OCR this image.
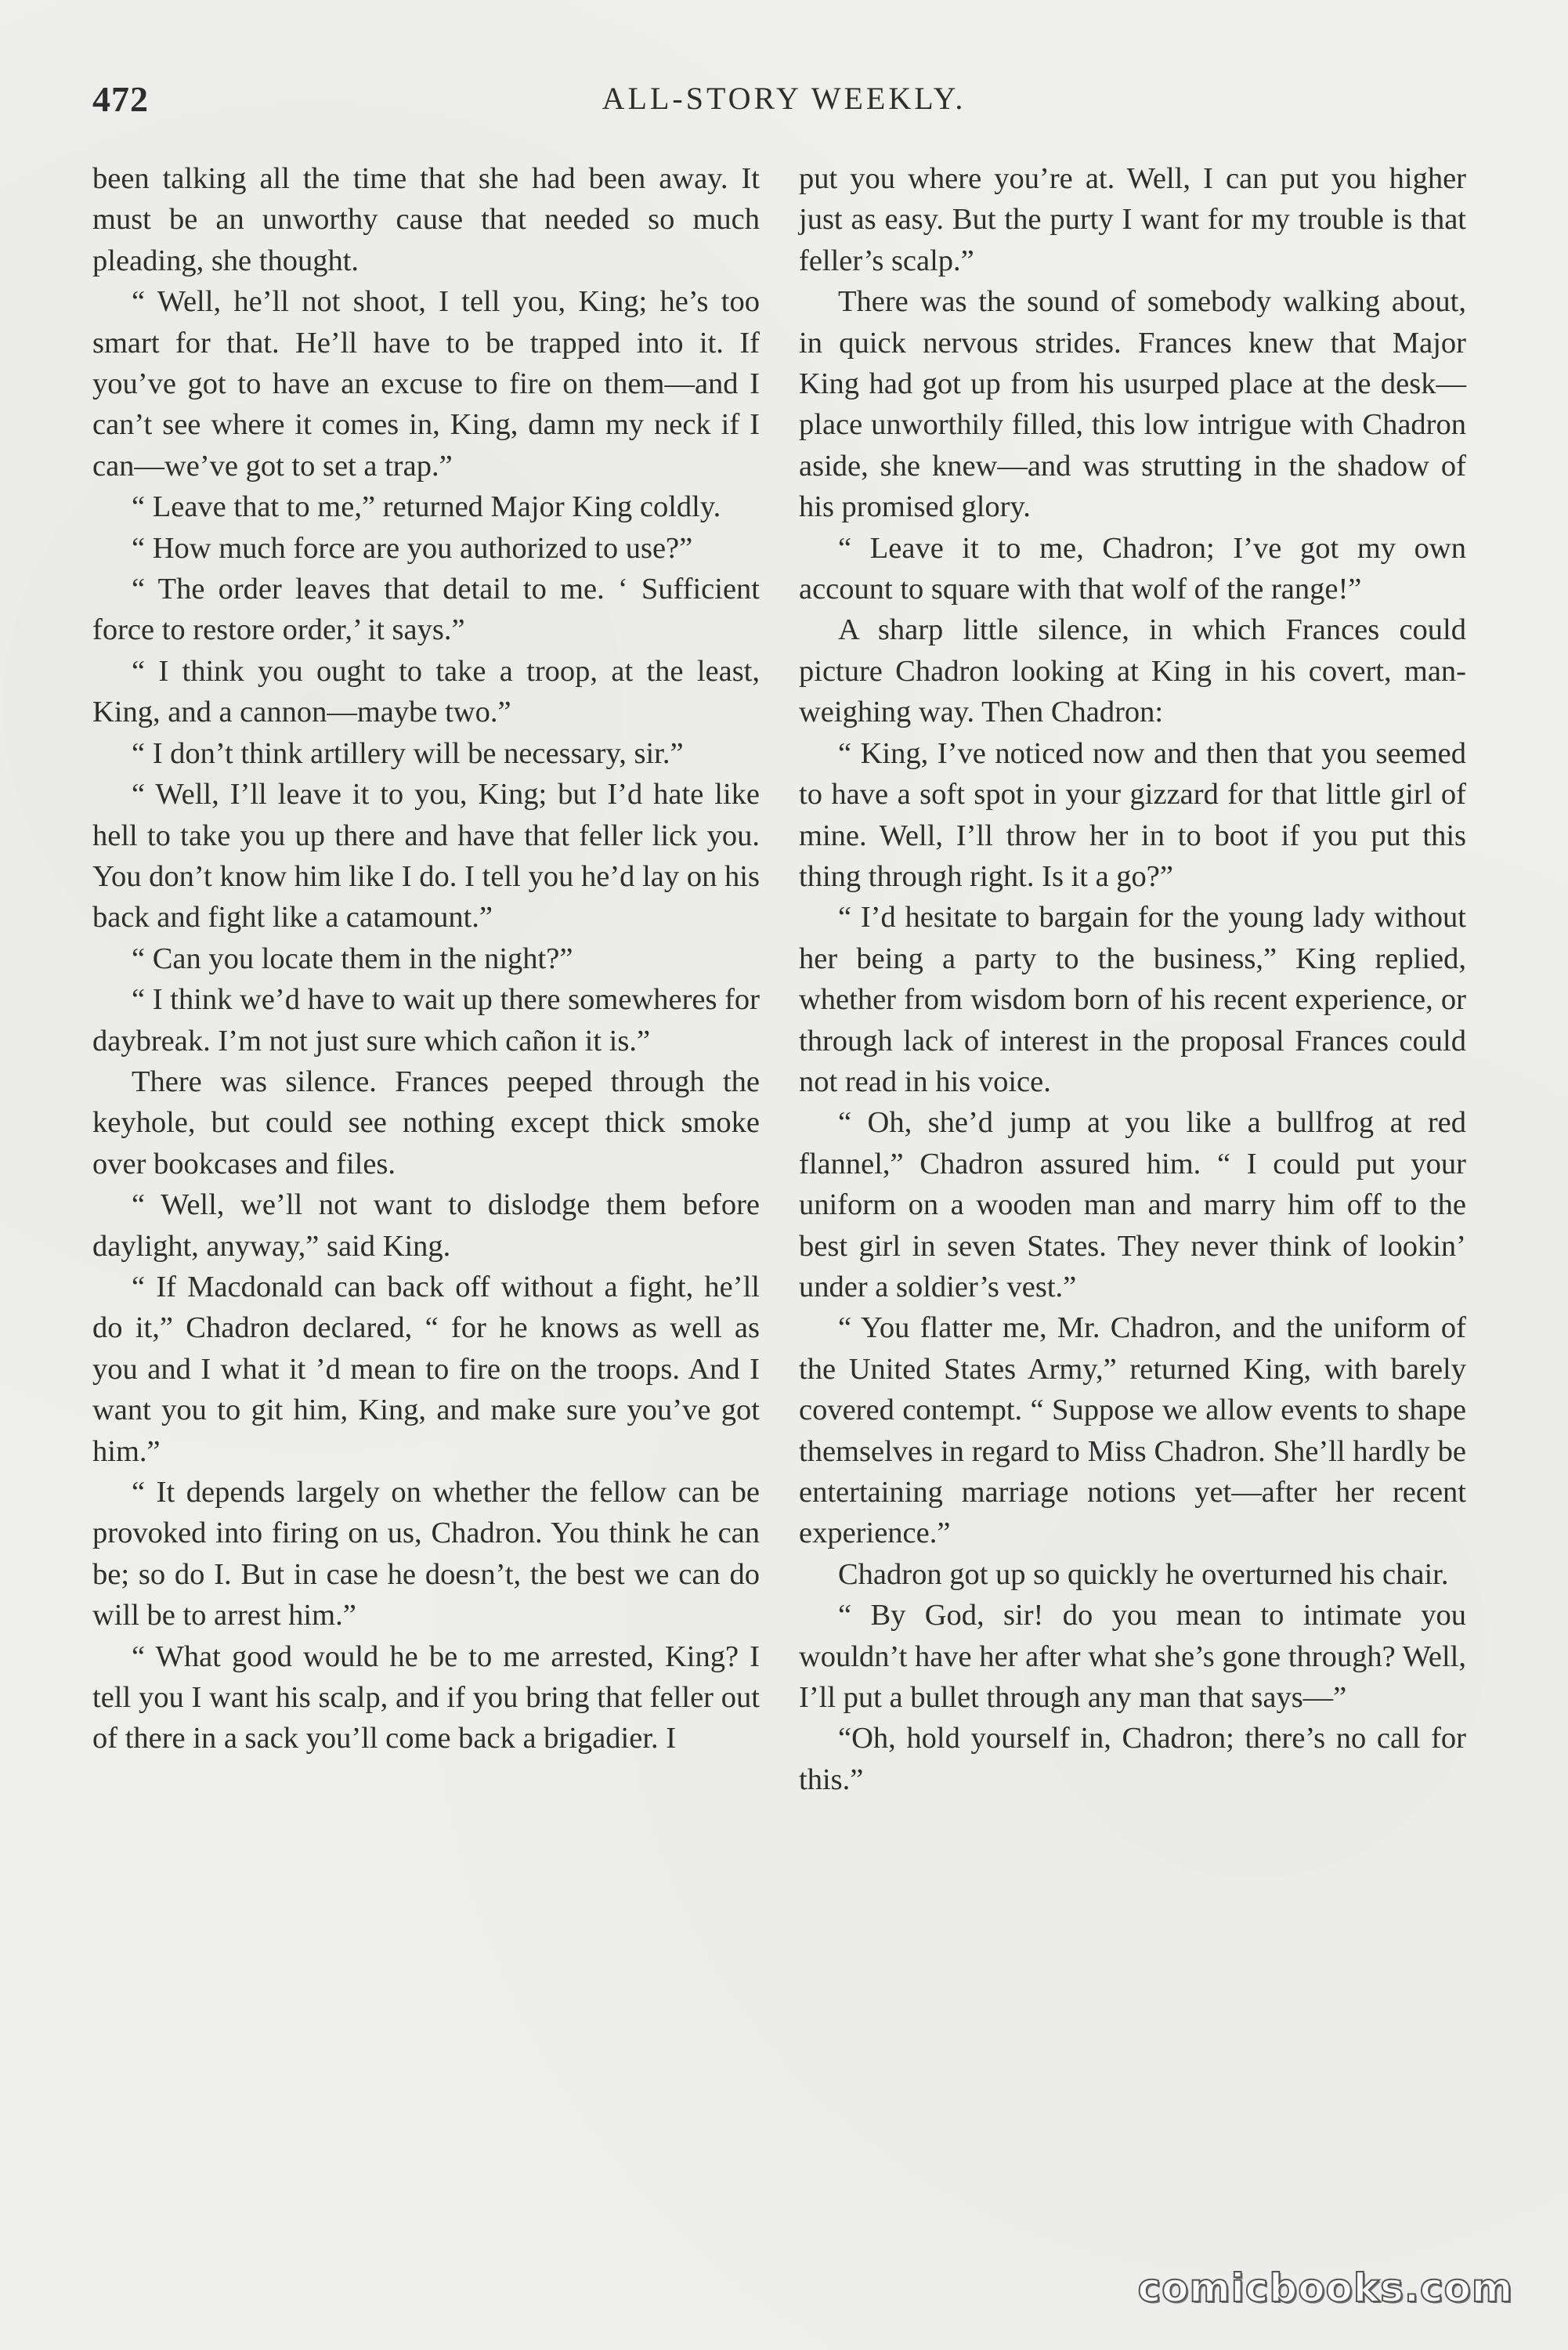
472	ALL-STORY WEEKLY.

been talking all the time that she had been away. It must be an unworthy cause that needed so much pleading, she thought.

“ Well, he’ll not shoot, I tell you, King; he’s too smart for that. He’ll have to be trapped into it. If you’ve got to have an excuse to fire on them—and I can’t see where it comes in, King, damn my neck if I can—we’ve got to set a trap.”

“ Leave that to me,” returned Major King coldly.

“ How much force are you authorized to use?”

“ The order leaves that detail to me. ‘ Sufficient force to restore order,’ it says.”

“ I think you ought to take a troop, at the least, King, and a cannon—maybe two.”

“ I don’t think artillery will be necessary, sir.”

“ Well, I’ll leave it to you, King; but I’d hate like hell to take you up there and have that feller lick you. You don’t know him like I do. I tell you he’d lay on his back and fight like a catamount.”

“ Can you locate them in the night?”

“ I think we’d have to wait up there somewheres for daybreak. I’m not just sure which cañon it is.”

There was silence. Frances peeped through the keyhole, but could see nothing except thick smoke over bookcases and files.

“ Well, we’ll not want to dislodge them before daylight, anyway,” said King.

“ If Macdonald can back off without a fight, he’ll do it,” Chadron declared, “ for he knows as well as you and I what it ’d mean to fire on the troops. And I want you to git him, King, and make sure you’ve got him.”

“ It depends largely on whether the fellow can be provoked into firing on us, Chadron. You think he can be; so do I. But in case he doesn’t, the best we can do will be to arrest him.”

“ What good would he be to me arrested, King? I tell you I want his scalp, and if you bring that feller out of there in a sack you’ll come back a brigadier. I

put you where you’re at. Well, I can put you higher just as easy. But the purty I want for my trouble is that feller’s scalp.”

There was the sound of somebody walking about, in quick nervous strides. Frances knew that Major King had got up from his usurped place at the desk—place unworthily filled, this low intrigue with Chadron aside, she knew—and was strutting in the shadow of his promised glory.

“ Leave it to me, Chadron; I’ve got my own account to square with that wolf of the range!”

A sharp little silence, in which Frances could picture Chadron looking at King in his covert, man-weighing way. Then Chadron:

“ King, I’ve noticed now and then that you seemed to have a soft spot in your gizzard for that little girl of mine. Well, I’ll throw her in to boot if you put this thing through right. Is it a go?”

“ I’d hesitate to bargain for the young lady without her being a party to the business,” King replied, whether from wisdom born of his recent experience, or through lack of interest in the proposal Frances could not read in his voice.

“ Oh, she’d jump at you like a bullfrog at red flannel,” Chadron assured him. “ I could put your uniform on a wooden man and marry him off to the best girl in seven States. They never think of lookin’ under a soldier’s vest.”

“ You flatter me, Mr. Chadron, and the uniform of the United States Army,” returned King, with barely covered contempt. “ Suppose we allow events to shape themselves in regard to Miss Chadron. She’ll hardly be entertaining marriage notions yet—after her recent experience.”

Chadron got up so quickly he overturned his chair.

“ By God, sir! do you mean to intimate you wouldn’t have her after what she’s gone through? Well, I’ll put a bullet through any man that says—”

“Oh, hold yourself in, Chadron; there’s no call for this.”

comicbooks.com
